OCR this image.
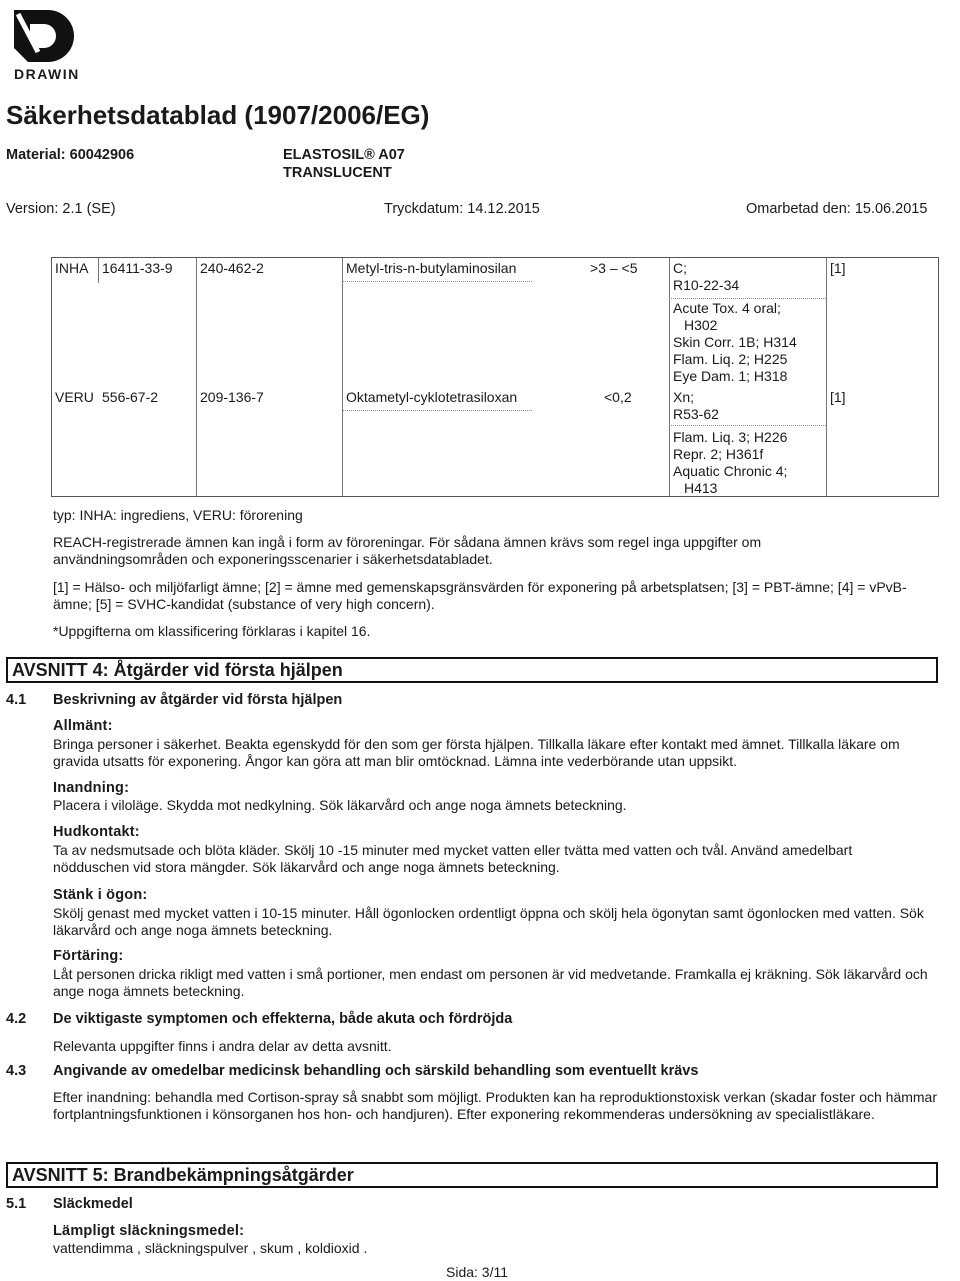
DRAWIN
Säkerhetsdatablad (1907/2006/EG)
Material: 60042906	ELASTOSIL® A07
TRANSLUCENT
Version: 2.1 (SE)	Tryckdatum: 14.12.2015	Omarbetad den: 15.06.2015
INHA 16411-33-9 240-462-2	Metyl-tris-n-butylaminosilan	>3 – <5	C;
R10-22-34
Acute Tox. 4 oral;
H302
Skin Corr. 1B; H314
Flam. Liq. 2; H225
Eye Dam. 1; H318
[1]
VERU 556-67-2	209-136-7	Oktametyl-cyklotetrasiloxan	<0,2	Xn;
R53-62
Flam. Liq. 3; H226
Repr. 2; H361f
Aquatic Chronic 4;
H413
[1]
typ: INHA: ingrediens, VERU: förorening
REACH-registrerade ämnen kan ingå i form av föroreningar. För sådana ämnen krävs som regel inga uppgifter om användningsområden och exponeringsscenarier i säkerhetsdatabladet.
[1] = Hälso- och miljöfarligt ämne; [2] = ämne med gemenskapsgränsvärden för exponering på arbetsplatsen; [3] = PBT-ämne; [4] = vPvB-ämne; [5] = SVHC-kandidat (substance of very high concern).
*Uppgifterna om klassificering förklaras i kapitel 16.
AVSNITT 4: Åtgärder vid första hjälpen
4.1 Beskrivning av åtgärder vid första hjälpen
Allmänt:
Bringa personer i säkerhet. Beakta egenskydd för den som ger första hjälpen. Tillkalla läkare efter kontakt med ämnet. Tillkalla läkare om gravida utsatts för exponering. Ångor kan göra att man blir omtöcknad. Lämna inte vederbörande utan uppsikt.
Inandning:
Placera i viloläge. Skydda mot nedkylning. Sök läkarvård och ange noga ämnets beteckning.
Hudkontakt:
Ta av nedsmutsade och blöta kläder. Skölj 10 -15 minuter med mycket vatten eller tvätta med vatten och tvål. Använd amedelbart nödduschen vid stora mängder. Sök läkarvård och ange noga ämnets beteckning.
Stänk i ögon:
Skölj genast med mycket vatten i 10-15 minuter. Håll ögonlocken ordentligt öppna och skölj hela ögonytan samt ögonlocken med vatten. Sök läkarvård och ange noga ämnets beteckning.
Förtäring:
Låt personen dricka rikligt med vatten i små portioner, men endast om personen är vid medvetande. Framkalla ej kräkning. Sök läkarvård och ange noga ämnets beteckning.
4.2 De viktigaste symptomen och effekterna, både akuta och fördröjda
Relevanta uppgifter finns i andra delar av detta avsnitt.
4.3 Angivande av omedelbar medicinsk behandling och särskild behandling som eventuellt krävs
Efter inandning: behandla med Cortison-spray så snabbt som möjligt. Produkten kan ha reproduktionstoxisk verkan (skadar foster och hämmar fortplantningsfunktionen i könsorganen hos hon- och handjuren). Efter exponering rekommenderas undersökning av specialistläkare.
AVSNITT 5: Brandbekämpningsåtgärder
5.1 Släckmedel
Lämpligt släckningsmedel:
vattendimma , släckningspulver , skum , koldioxid .
Sida: 3/11
